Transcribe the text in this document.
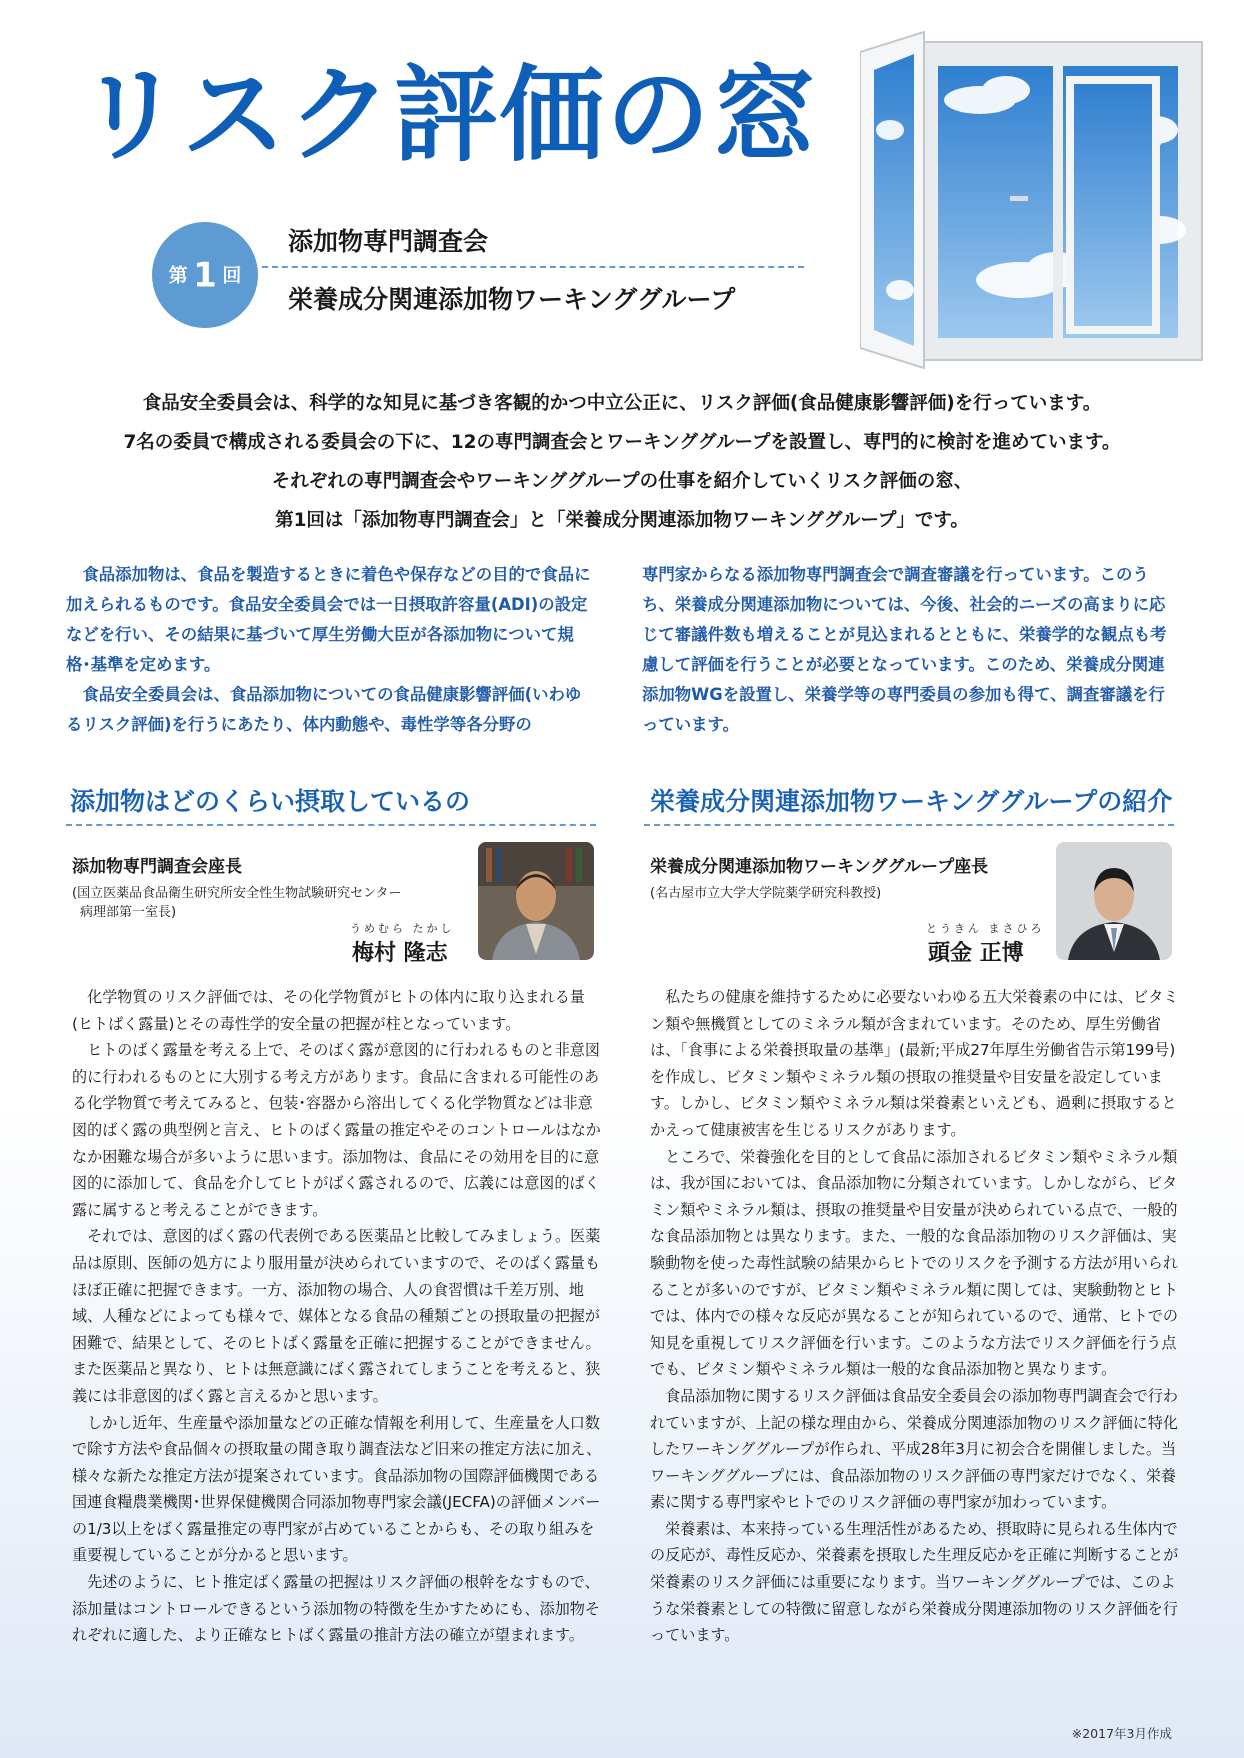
リスク評価の窓
第 1 回
添加物専門調査会
栄養成分関連添加物ワーキンググループ

食品安全委員会は、科学的な知見に基づき客観的かつ中立公正に、リスク評価(食品健康影響評価)を行っています。

7名の委員で構成される委員会の下に、12の専門調査会とワーキンググループを設置し、専門的に検討を進めています。

それぞれの専門調査会やワーキンググループの仕事を紹介していくリスク評価の窓、

第1回は「添加物専門調査会」と「栄養成分関連添加物ワーキンググループ」です。

食品添加物は、食品を製造するときに着色や保存などの目的で食品に加えられるものです。食品安全委員会では一日摂取許容量(ADI)の設定などを行い、その結果に基づいて厚生労働大臣が各添加物について規格･基準を定めます。

食品安全委員会は、食品添加物についての食品健康影響評価(いわゆるリスク評価)を行うにあたり、体内動態や、毒性学等各分野の

専門家からなる添加物専門調査会で調査審議を行っています。このうち、栄養成分関連添加物については、今後、社会的ニーズの高まりに応じて審議件数も増えることが見込まれるとともに、栄養学的な観点も考慮して評価を行うことが必要となっています。このため、栄養成分関連添加物WGを設置し、栄養学等の専門委員の参加も得て、調査審議を行っています。

添加物はどのくらい摂取しているの
添加物専門調査会座長
(国立医薬品食品衛生研究所安全性生物試験研究センター
病理部第一室長)
うめむら たかし
梅村 隆志

化学物質のリスク評価では、その化学物質がヒトの体内に取り込まれる量(ヒトばく露量)とその毒性学的安全量の把握が柱となっています。

ヒトのばく露量を考える上で、そのばく露が意図的に行われるものと非意図的に行われるものとに大別する考え方があります。食品に含まれる可能性のある化学物質で考えてみると、包装･容器から溶出してくる化学物質などは非意図的ばく露の典型例と言え、ヒトのばく露量の推定やそのコントロールはなかなか困難な場合が多いように思います。添加物は、食品にその効用を目的に意図的に添加して、食品を介してヒトがばく露されるので、広義には意図的ばく露に属すると考えることができます。

それでは、意図的ばく露の代表例である医薬品と比較してみましょう。医薬品は原則、医師の処方により服用量が決められていますので、そのばく露量もほぼ正確に把握できます。一方、添加物の場合、人の食習慣は千差万別、地域、人種などによっても様々で、媒体となる食品の種類ごとの摂取量の把握が困難で、結果として、そのヒトばく露量を正確に把握することができません。また医薬品と異なり、ヒトは無意識にばく露されてしまうことを考えると、狭義には非意図的ばく露と言えるかと思います。

しかし近年、生産量や添加量などの正確な情報を利用して、生産量を人口数で除す方法や食品個々の摂取量の聞き取り調査法など旧来の推定方法に加え、様々な新たな推定方法が提案されています。食品添加物の国際評価機関である国連食糧農業機関･世界保健機関合同添加物専門家会議(JECFA)の評価メンバーの1/3以上をばく露量推定の専門家が占めていることからも、その取り組みを重要視していることが分かると思います。

先述のように、ヒト推定ばく露量の把握はリスク評価の根幹をなすもので、添加量はコントロールできるという添加物の特徴を生かすためにも、添加物それぞれに適した、より正確なヒトばく露量の推計方法の確立が望まれます。

栄養成分関連添加物ワーキンググループの紹介
栄養成分関連添加物ワーキンググループ座長
(名古屋市立大学大学院薬学研究科教授)
とうきん まさひろ
頭金 正博

私たちの健康を維持するために必要ないわゆる五大栄養素の中には、ビタミン類や無機質としてのミネラル類が含まれています。そのため、厚生労働省は、「食事による栄養摂取量の基準」(最新;平成27年厚生労働省告示第199号)を作成し、ビタミン類やミネラル類の摂取の推奨量や目安量を設定しています。しかし、ビタミン類やミネラル類は栄養素といえども、過剰に摂取するとかえって健康被害を生じるリスクがあります。

ところで、栄養強化を目的として食品に添加されるビタミン類やミネラル類は、我が国においては、食品添加物に分類されています。しかしながら、ビタミン類やミネラル類は、摂取の推奨量や目安量が決められている点で、一般的な食品添加物とは異なります。また、一般的な食品添加物のリスク評価は、実験動物を使った毒性試験の結果からヒトでのリスクを予測する方法が用いられることが多いのですが、ビタミン類やミネラル類に関しては、実験動物とヒトでは、体内での様々な反応が異なることが知られているので、通常、ヒトでの知見を重視してリスク評価を行います。このような方法でリスク評価を行う点でも、ビタミン類やミネラル類は一般的な食品添加物と異なります。

食品添加物に関するリスク評価は食品安全委員会の添加物専門調査会で行われていますが、上記の様な理由から、栄養成分関連添加物のリスク評価に特化したワーキンググループが作られ、平成28年3月に初会合を開催しました。当ワーキンググループには、食品添加物のリスク評価の専門家だけでなく、栄養素に関する専門家やヒトでのリスク評価の専門家が加わっています。

栄養素は、本来持っている生理活性があるため、摂取時に見られる生体内での反応が、毒性反応か、栄養素を摂取した生理反応かを正確に判断することが栄養素のリスク評価には重要になります。当ワーキンググループでは、このような栄養素としての特徴に留意しながら栄養成分関連添加物のリスク評価を行っています。

※2017年3月作成
